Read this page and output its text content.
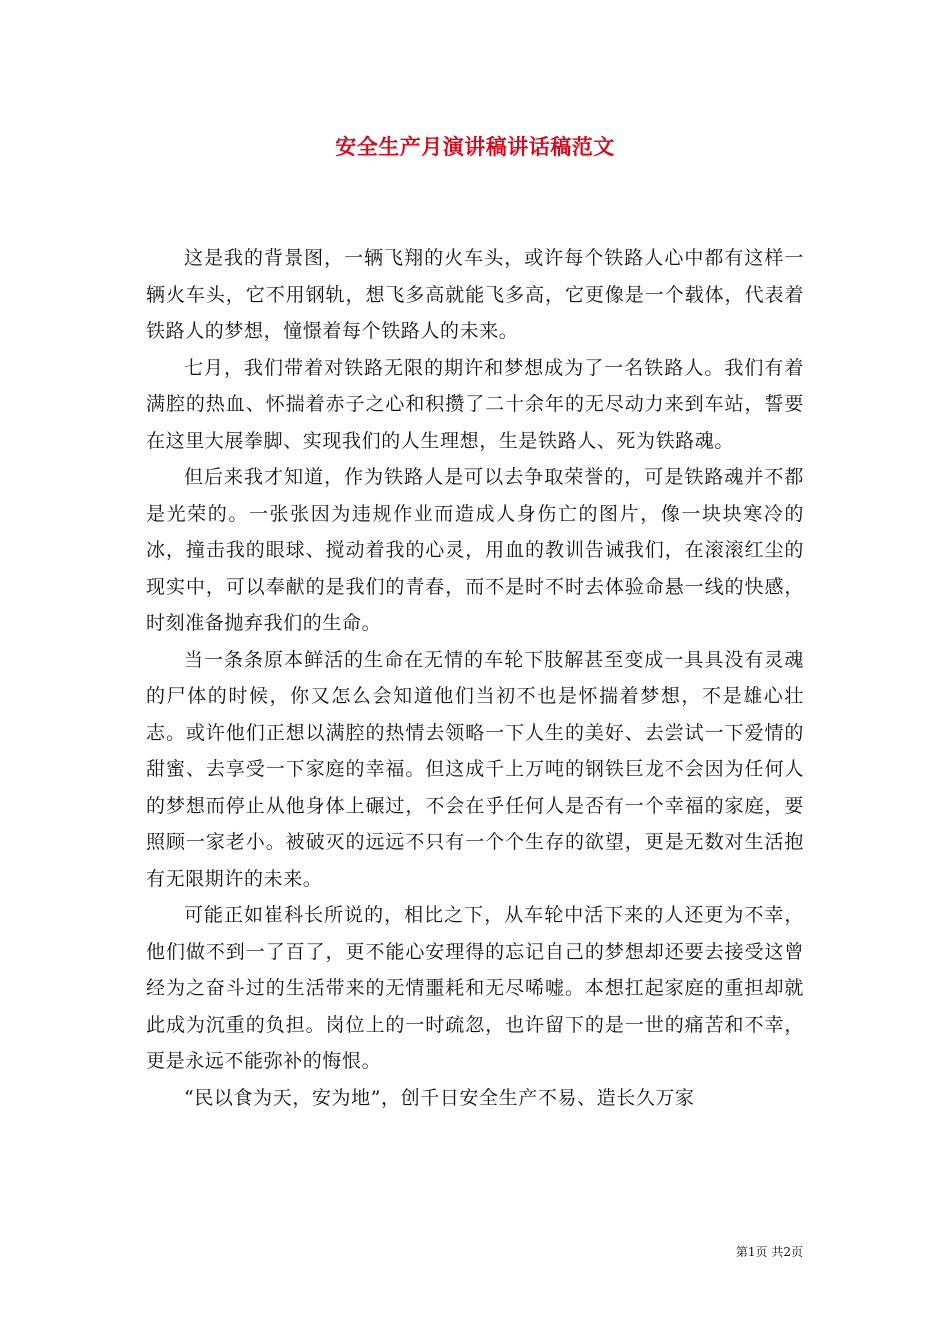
安全生产月演讲稿讲话稿范文

这是我的背景图，一辆飞翔的火车头，或许每个铁路人心中都有这样一辆火车头，它不用钢轨，想飞多高就能飞多高，它更像是一个载体，代表着铁路人的梦想，憧憬着每个铁路人的未来。

七月，我们带着对铁路无限的期许和梦想成为了一名铁路人。我们有着满腔的热血、怀揣着赤子之心和积攒了二十余年的无尽动力来到车站，誓要在这里大展拳脚、实现我们的人生理想，生是铁路人、死为铁路魂。

但后来我才知道，作为铁路人是可以去争取荣誉的，可是铁路魂并不都是光荣的。一张张因为违规作业而造成人身伤亡的图片，像一块块寒冷的冰，撞击我的眼球、搅动着我的心灵，用血的教训告诫我们，在滚滚红尘的现实中，可以奉献的是我们的青春，而不是时不时去体验命悬一线的快感，时刻准备抛弃我们的生命。

当一条条原本鲜活的生命在无情的车轮下肢解甚至变成一具具没有灵魂的尸体的时候，你又怎么会知道他们当初不也是怀揣着梦想，不是雄心壮志。或许他们正想以满腔的热情去领略一下人生的美好、去尝试一下爱情的甜蜜、去享受一下家庭的幸福。但这成千上万吨的钢铁巨龙不会因为任何人的梦想而停止从他身体上碾过，不会在乎任何人是否有一个幸福的家庭，要照顾一家老小。被破灭的远远不只有一个个生存的欲望，更是无数对生活抱有无限期许的未来。

可能正如崔科长所说的，相比之下，从车轮中活下来的人还更为不幸，他们做不到一了百了，更不能心安理得的忘记自己的梦想却还要去接受这曾经为之奋斗过的生活带来的无情噩耗和无尽唏嘘。本想扛起家庭的重担却就此成为沉重的负担。岗位上的一时疏忽，也许留下的是一世的痛苦和不幸，更是永远不能弥补的悔恨。

“民以食为天，安为地”，创千日安全生产不易、造长久万家

第1页 共2页
